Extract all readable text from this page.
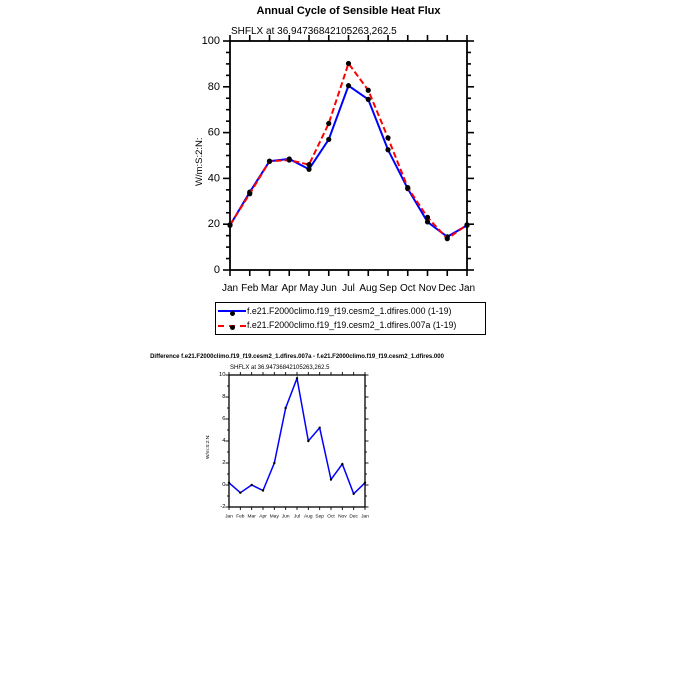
Annual Cycle of Sensible Heat Flux
SHFLX at 36.94736842105263,262.5
W/m:S:2:N:
0
20
40
60
80
100
Jan Feb Mar Apr May Jun Jul Aug Sep Oct Nov Dec Jan
f.e21.F2000climo.f19_f19.cesm2_1.dfires.000 (1-19)
f.e21.F2000climo.f19_f19.cesm2_1.dfires.007a (1-19)
Difference f.e21.F2000climo.f19_f19.cesm2_1.dfires.007a - f.e21.F2000climo.f19_f19.cesm2_1.dfires.000
SHFLX at 36.94736842105263,262.5
W/m:S:2:N:
-2
0
2
4
6
8
10
Jan Feb Mar Apr May Jun Jul Aug Sep Oct Nov Dec Jan
